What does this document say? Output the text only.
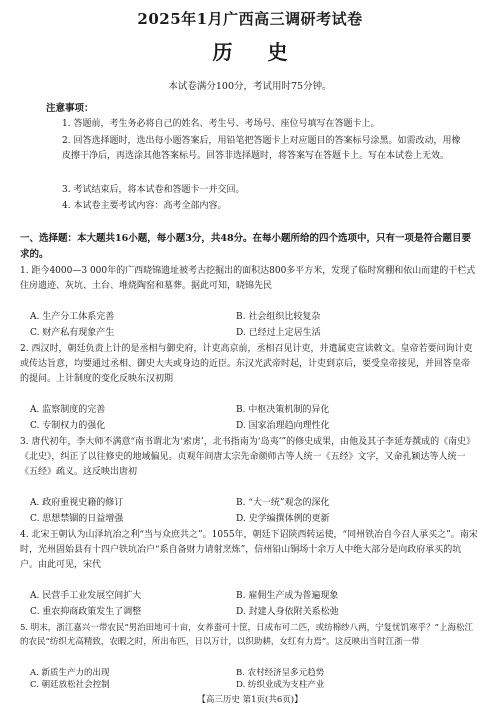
2025年1月广西高三调研考试卷
历 史
本试卷满分100分，考试用时75分钟。
注意事项：

1. 答题前，考生务必将自己的姓名、考生号、考场号、座位号填写在答题卡上。

2. 回答选择题时，选出每小题答案后，用铅笔把答题卡上对应题目的答案标号涂黑。如需改动，用橡皮擦干净后，再选涂其他答案标号。回答非选择题时，将答案写在答题卡上。写在本试卷上无效。

3. 考试结束后，将本试卷和答题卡一并交回。

4. 本试卷主要考试内容：高考全部内容。

一、选择题：本大题共16小题，每小题3分，共48分。在每小题所给的四个选项中，只有一项是符合题目要求的。

1. 距今4000—3 000年的广西晓锦遗址被考古挖掘出的面积达800多平方米，发现了临时窝棚和依山而建的干栏式住房遗迹、灰坑、土台、堆烧陶窑和墓葬。据此可知，晓锦先民

A. 生产分工体系完善	B. 社会组织比较复杂
C. 财产私有现象产生	D. 已经过上定居生活

2. 西汉时，朝廷负责上计的是丞相与御史府，计吏高京前，丞相召见计吏，并遣属吏宣读敕文。皇帝若要问询计吏或传达旨意，均要通过丞相、御史大夫或身边的近臣。东汉光武帝时起，计吏到京后，要受皇帝接见，并回答皇帝的提问。上计制度的变化反映东汉初期

A. 监察制度的完善	B. 中枢决策机制的异化
C. 专制权力的强化	D. 国家治理趋向理性化

3. 唐代初年，李大师不满意“南书谓北为‘索虏’，北书指南为‘岛夷’”的修史成果，由他及其子李延寿撰成的《南史》《北史》，纠正了以往修史的地域偏见。贞观年间唐太宗先命颜师古等人统一《五经》文字，又命孔颖达等人统一《五经》疏义。这反映出唐初

A. 政府重视史籍的修订	B. “大一统”观念的深化
C. 思想禁锢的日益增强	D. 史学编撰体例的更新

4. 北宋王朝认为山泽坑冶之利“当与众庶共之”。1055年，朝廷下诏陕西转运使，“同州铁冶自今召人承买之”。南宋时，光州固始县有十四户铁坑冶户“系自备财力请射烹炼”，信州铅山铜场十余万人中绝大部分是向政府承买的坑户。由此可见，宋代

A. 民营手工业发展空间扩大	B. 雇佣生产成为普遍现象
C. 重农抑商政策发生了调整	D. 封建人身依附关系松弛

5. 明末，浙江嘉兴一带农民“男治田地可十亩，女养蚕可十筐，日成布可二匹，或纺棉纱八两，宁复忧饥寒乎？”上海松江的农民“纺织尤高精致，农暇之时，所出布匹，日以万计，以织助耕，女红有力焉”。这反映出当时江浙一带

【高三历史 第1页(共6页)】
A. 新质生产力的出现	B. 农村经济呈多元趋势
C. 朝廷放松社会控制	D. 纺织业成为支柱产业
